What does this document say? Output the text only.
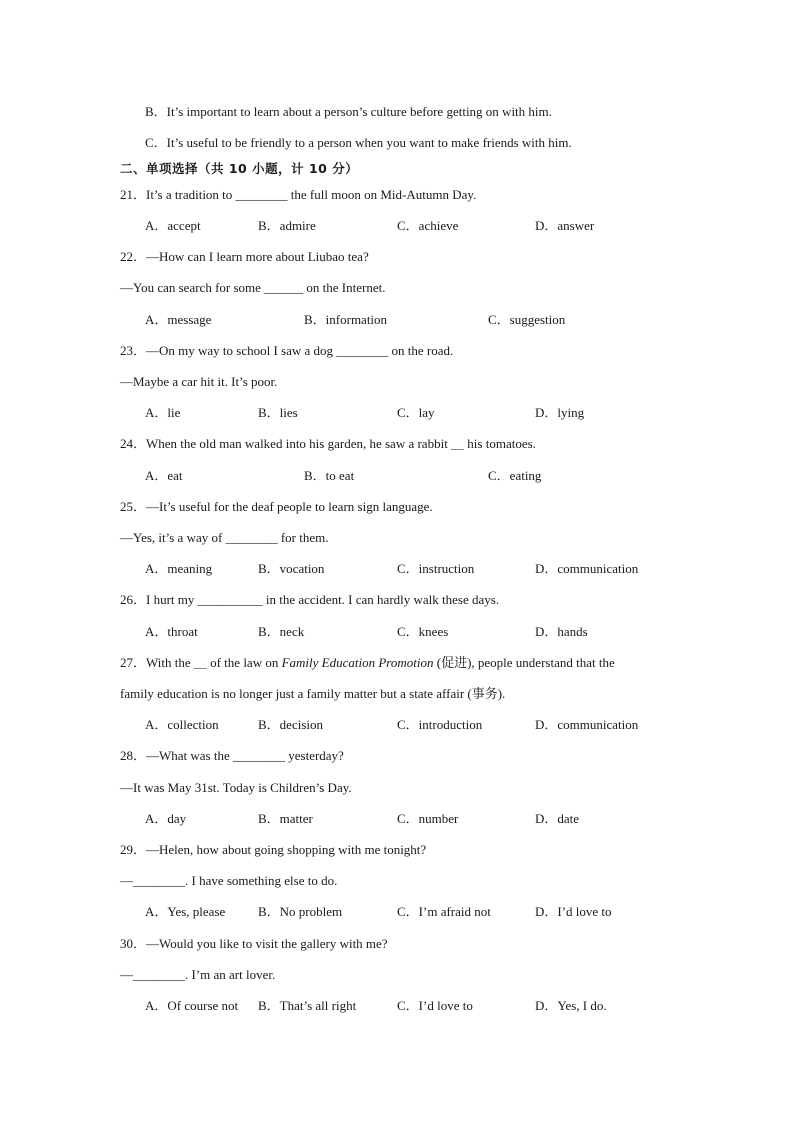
B．It’s important to learn about a person’s culture before getting on with him.
C．It’s useful to be friendly to a person when you want to make friends with him.
二、单项选择（共 10 小题，计 10 分）
21．It’s a tradition to ________ the full moon on Mid-Autumn Day.
A．accept	B．admire	C．achieve	D．answer
22．—How can I learn more about Liubao tea?
—You can search for some ______ on the Internet.
A．message	B．information	C．suggestion
23．—On my way to school I saw a dog ________ on the road.
—Maybe a car hit it. It’s poor.
A．lie	B．lies	C．lay	D．lying
24．When the old man walked into his garden, he saw a rabbit ＿ his tomatoes.
A．eat	B．to eat	C．eating
25．—It’s useful for the deaf people to learn sign language.
—Yes, it’s a way of ________ for them.
A．meaning	B．vocation	C．instruction	D．communication
26．I hurt my __________ in the accident. I can hardly walk these days.
A．throat	B．neck	C．knees	D．hands
27．With the ＿ of the law on Family Education Promotion (促进), people understand that the
family education is no longer just a family matter but a state affair (事务).
A．collection	B．decision	C．introduction	D．communication
28．—What was the ________ yesterday?
—It was May 31st. Today is Children’s Day.
A．day	B．matter	C．number	D．date
29．—Helen, how about going shopping with me tonight?
—________. I have something else to do.
A．Yes, please	B．No problem	C．I’m afraid not	D．I’d love to
30．—Would you like to visit the gallery with me?
—________. I’m an art lover.
A．Of course not B．That’s all right	C．I’d love to	D．Yes, I do.
